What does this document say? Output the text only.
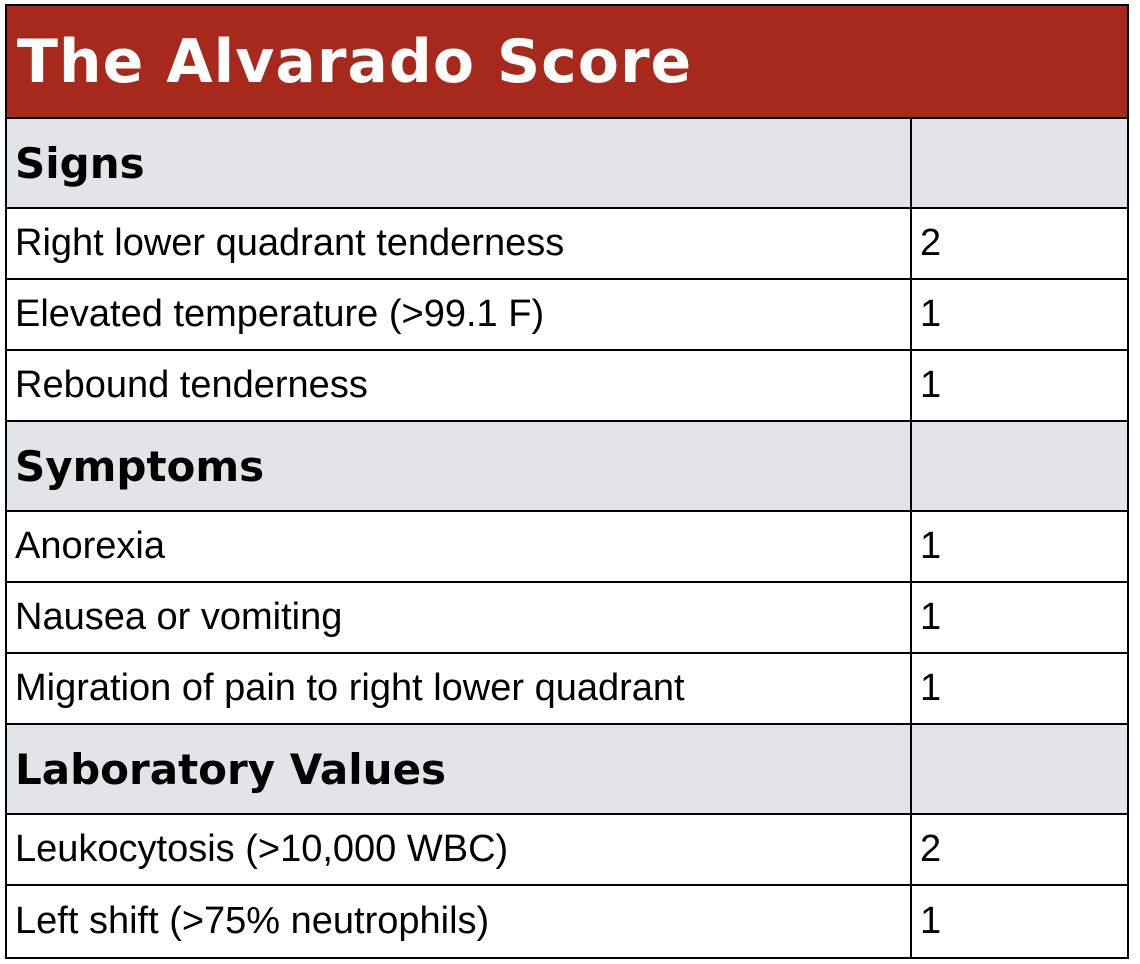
The Alvarado Score
Signs
Right lower quadrant tenderness	2
Elevated temperature (>99.1 F)	1
Rebound tenderness	1
Symptoms
Anorexia	1
Nausea or vomiting	1
Migration of pain to right lower quadrant	1
Laboratory Values
Leukocytosis (>10,000 WBC)	2
Left shift (>75% neutrophils)	1
